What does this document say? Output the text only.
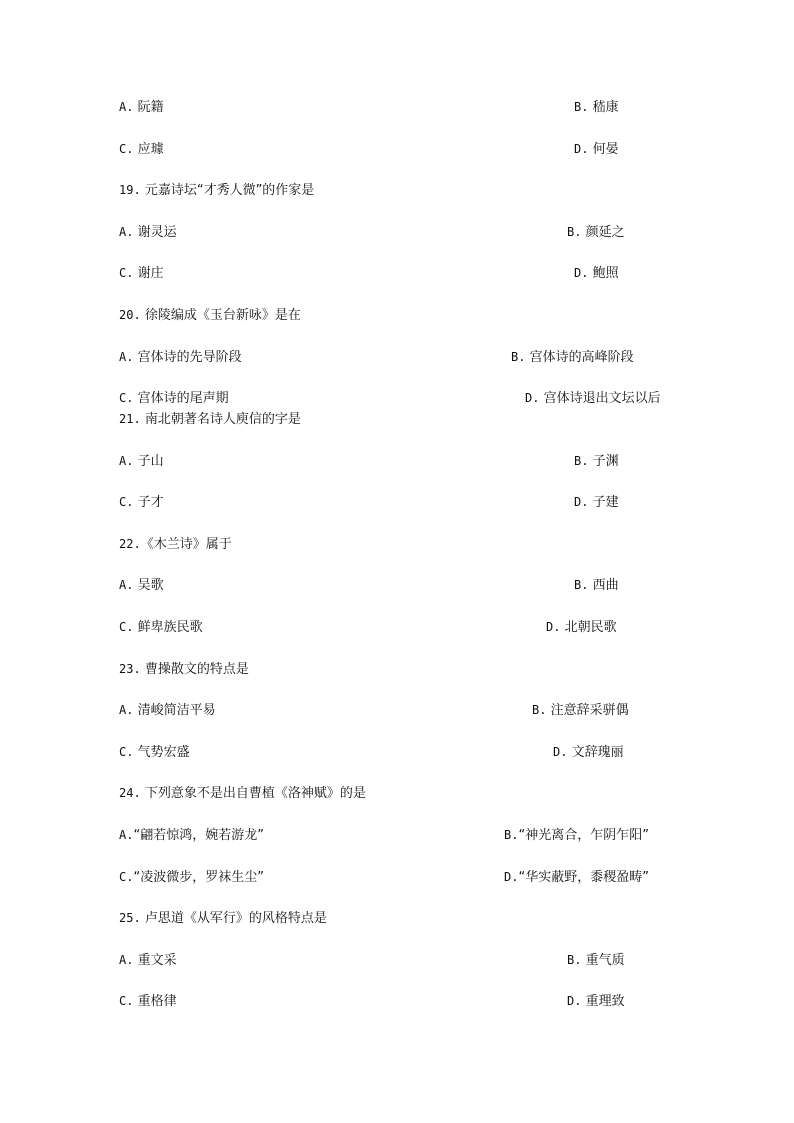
A. 阮籍	B. 嵇康
C. 应璩	D. 何晏
19. 元嘉诗坛“才秀人微”的作家是
A. 谢灵运	B. 颜延之
C. 谢庄	D. 鲍照
20. 徐陵编成《玉台新咏》是在
A. 宫体诗的先导阶段	B. 宫体诗的高峰阶段
C. 宫体诗的尾声期	D. 宫体诗退出文坛以后
21. 南北朝著名诗人庾信的字是
A. 子山	B. 子渊
C. 子才	D. 子建
22.《木兰诗》属于
A. 吴歌	B. 西曲
C. 鲜卑族民歌	D. 北朝民歌
23. 曹操散文的特点是
A. 清峻简洁平易	B. 注意辞采骈偶
C. 气势宏盛	D. 文辞瑰丽
24. 下列意象不是出自曹植《洛神赋》的是
A.“翩若惊鸿，婉若游龙”	B.“神光离合，乍阴乍阳”
C.“凌波微步，罗袜生尘”	D.“华实蔽野，黍稷盈畴”
25. 卢思道《从军行》的风格特点是
A. 重文采	B. 重气质
C. 重格律	D. 重理致
